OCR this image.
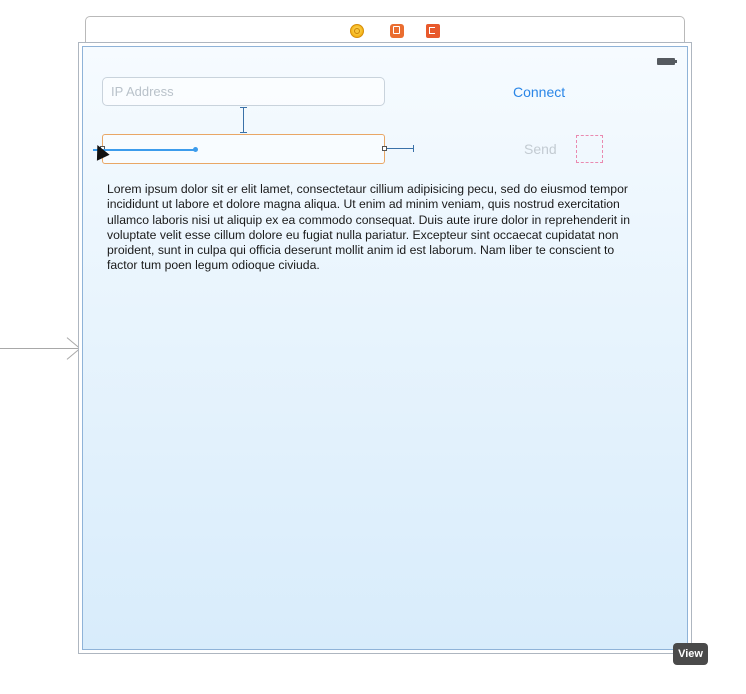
IP Address	Connect
Send

Lorem ipsum dolor sit er elit lamet, consectetaur cillium adipisicing pecu, sed do eiusmod tempor incididunt ut labore et dolore magna aliqua. Ut enim ad minim veniam, quis nostrud exercitation ullamco laboris nisi ut aliquip ex ea commodo consequat. Duis aute irure dolor in reprehenderit in voluptate velit esse cillum dolore eu fugiat nulla pariatur. Excepteur sint occaecat cupidatat non proident, sunt in culpa qui officia deserunt mollit anim id est laborum. Nam liber te conscient to factor tum poen legum odioque civiuda.

View
